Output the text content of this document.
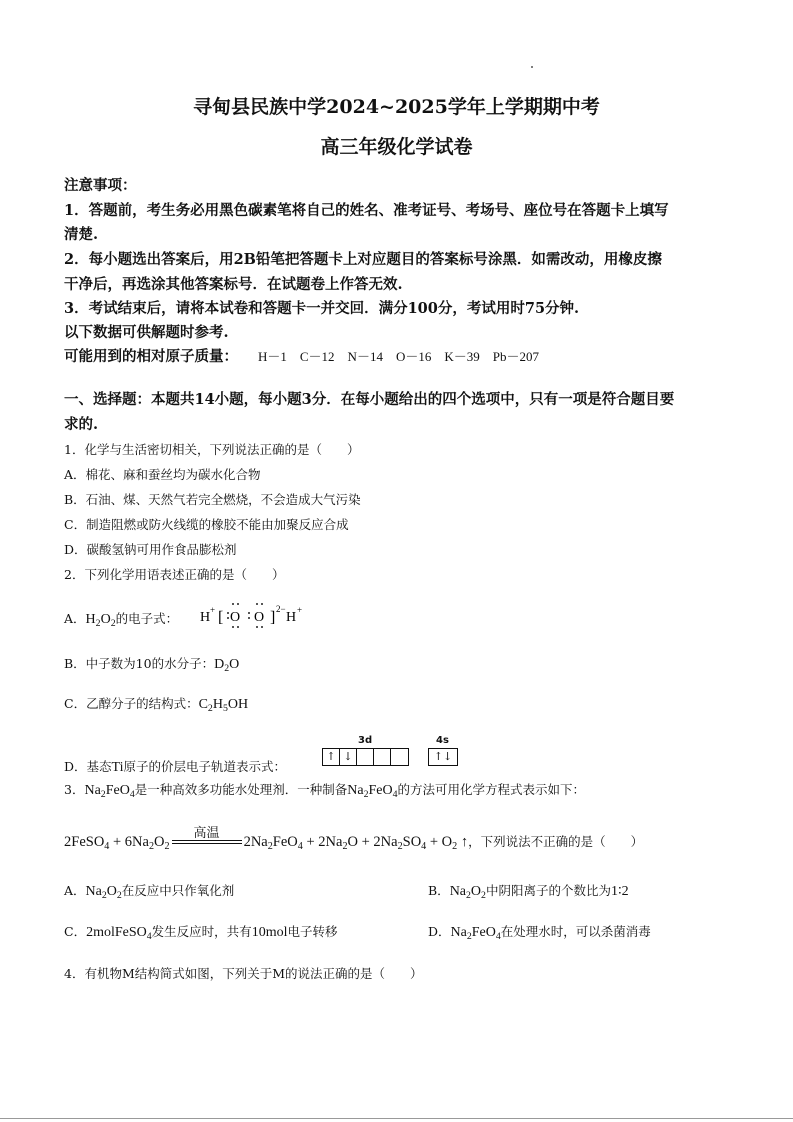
寻甸县民族中学2024~2025学年上学期期中考
高三年级化学试卷
注意事项：
1．答题前，考生务必用黑色碳素笔将自己的姓名、准考证号、考场号、座位号在答题卡上填写
清楚.
2．每小题选出答案后，用2B铅笔把答题卡上对应题目的答案标号涂黑．如需改动，用橡皮擦
干净后，再选涂其他答案标号．在试题卷上作答无效.
3．考试结束后，请将本试卷和答题卡一并交回．满分100分，考试用时75分钟.
以下数据可供解题时参考.
可能用到的相对原子质量： H－1　C－12　N－14　O－16　K－39　Pb－207
一、选择题：本题共14小题，每小题3分．在每小题给出的四个选项中，只有一项是符合题目要
求的.
1．化学与生活密切相关，下列说法正确的是（　　）
A．棉花、麻和蚕丝均为碳水化合物
B．石油、煤、天然气若完全燃烧，不会造成大气污染
C．制造阻燃或防火线缆的橡胶不能由加聚反应合成
D．碳酸氢钠可用作食品膨松剂
2．下列化学用语表述正确的是（　　）
A．$H_2O_2$的电子式： H + [ O O ] 2−
H +
B．中子数为10的水分子：$D_2O$
C．乙醇分子的结构式：$C_2H_5OH$
D．基态Ti原子的价层电子轨道表示式：
3d	4s
↑ ↓	↑↓
3．$Na_2FeO_4$是一种高效多功能水处理剂．一种制备$Na_2FeO_4$的方法可用化学方程式表示如下：
2FeSO$_4$ + $6Na_2O_2$
高温
$2Na_2FeO_4 + 2Na_2O + 2Na_2SO_4 + O_2$ ↑，下列说法不正确的是（　　）
A．$Na_2O_2$在反应中只作氧化剂	B．$Na_2O_2$中阴阳离子的个数比为1∶2
C．2molFeSO$_4$发生反应时，共有10mol电子转移	D．$Na_2FeO_4$在处理水时，可以杀菌消毒
4．有机物M结构简式如图，下列关于M的说法正确的是（　　）
